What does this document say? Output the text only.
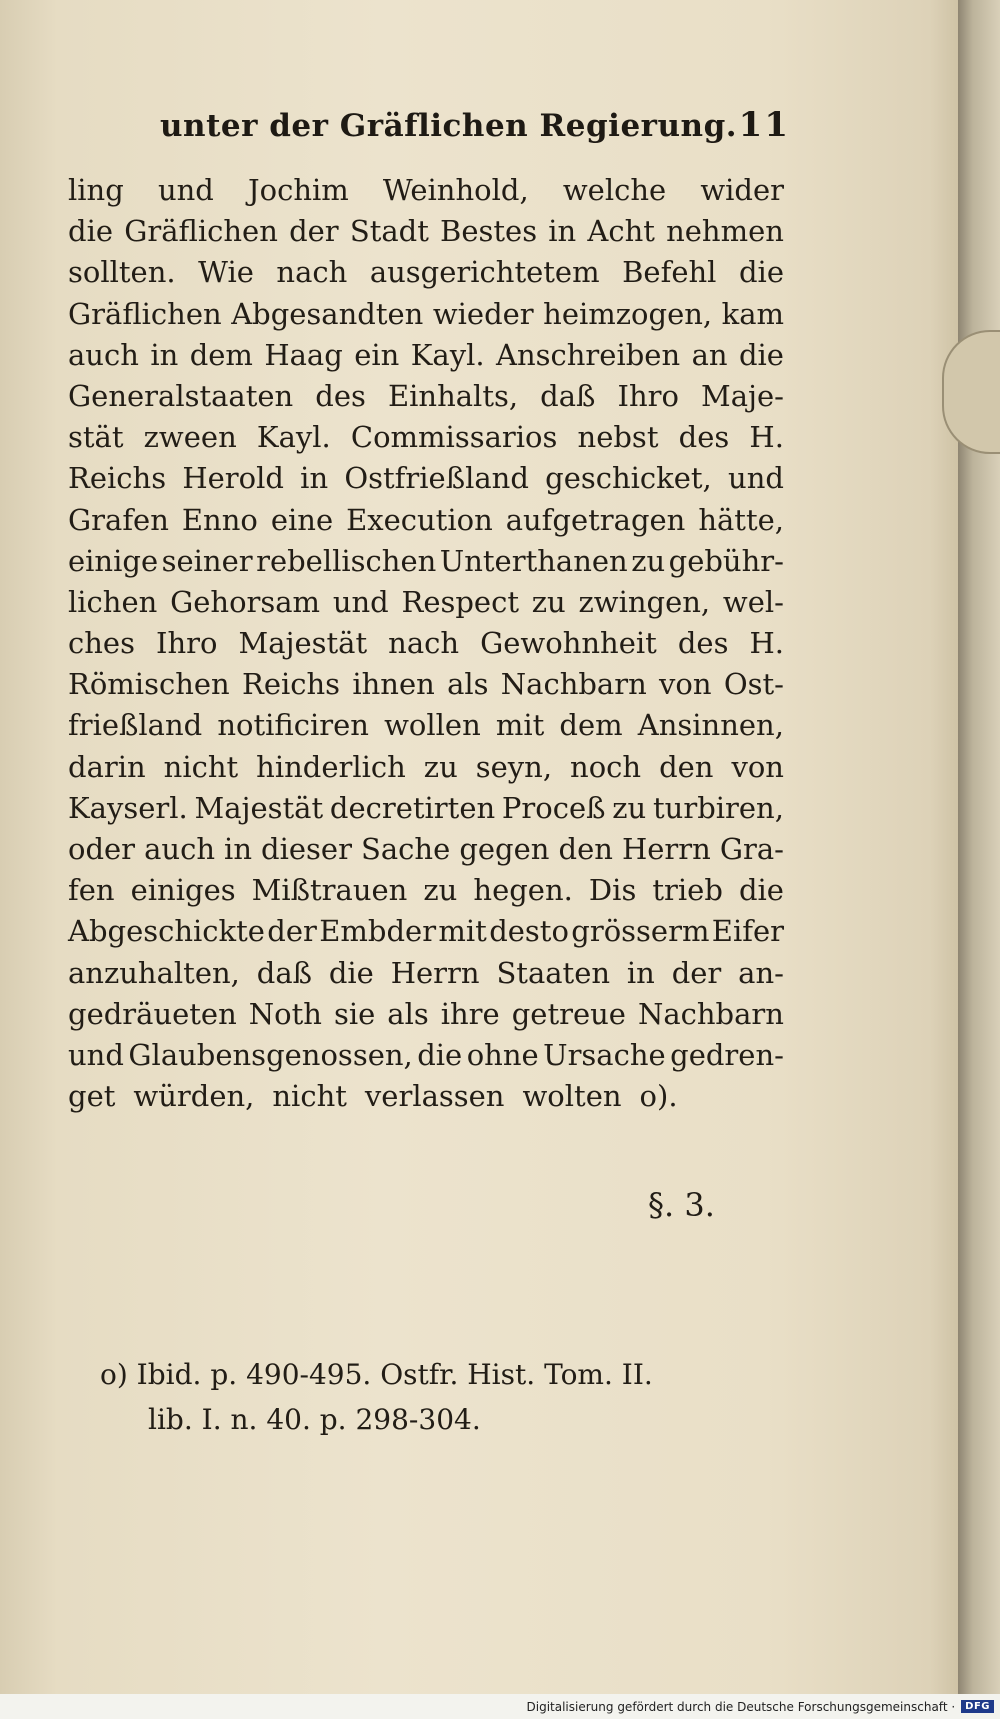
unter der Gräflichen Regierung. 11
ling und Jochim Weinhold, welche wider
die Gräflichen der Stadt Bestes in Acht nehmen
sollten. Wie nach ausgerichtetem Befehl die
Gräflichen Abgesandten wieder heimzogen, kam
auch in dem Haag ein Kayl. Anschreiben an die
Generalstaaten des Einhalts, daß Ihro Maje-
stät zween Kayl. Commissarios nebst des H.
Reichs Herold in Ostfrießland geschicket, und
Grafen Enno eine Execution aufgetragen hätte,
einige seiner rebellischen Unterthanen zu gebühr-
lichen Gehorsam und Respect zu zwingen, wel-
ches Ihro Majestät nach Gewohnheit des H.
Römischen Reichs ihnen als Nachbarn von Ost-
frießland notificiren wollen mit dem Ansinnen,
darin nicht hinderlich zu seyn, noch den von
Kayserl. Majestät decretirten Proceß zu turbiren,
oder auch in dieser Sache gegen den Herrn Gra-
fen einiges Mißtrauen zu hegen. Dis trieb die
Abgeschickte der Embder mit desto grösserm Eifer
anzuhalten, daß die Herrn Staaten in der an-
gedräueten Noth sie als ihre getreue Nachbarn
und Glaubensgenossen, die ohne Ursache gedren-
get würden, nicht verlassen wolten o).
§. 3.
o) Ibid. p. 490-495. Ostfr. Hist. Tom. II.
lib. I. n. 40. p. 298-304.
Digitalisierung gefördert durch die Deutsche Forschungsgemeinschaft ·	DFG
